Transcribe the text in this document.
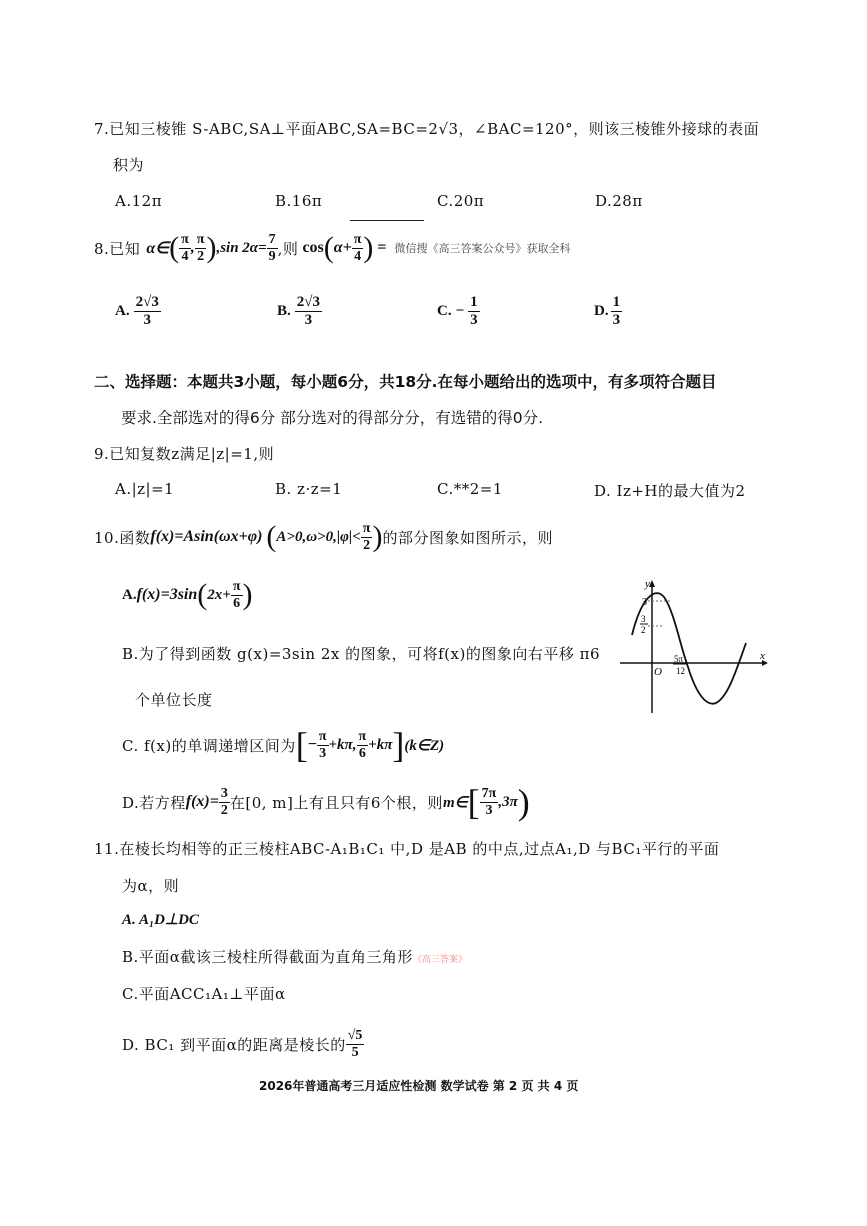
7.已知三棱锥 S-ABC,SA⊥平面ABC,SA=BC=2√3，∠BAC=120°，则该三棱锥外接球的表面
积为
A.12π	B.16π	C.20π	D.28π
8.已知 α∈ ( $\frac{\pi}{4}$ , $\frac{\pi}{2}$ ) ,sin $2\alpha= \frac{7}{9}$ ,则 cos ( $\alpha+ \frac{\pi}{4}$ ) = 微信搜《高三答案公众号》获取全科
A. $\frac{2√3}{3}$	B. $\frac{2√3}{3}$	C. − $\frac{1}{3}$	D. $\frac{1}{3}$
二、选择题：本题共3小题，每小题6分，共18分.在每小题给出的选项中，有多项符合题目
要求.全部选对的得6分 部分选对的得部分分，有选错的得0分.
9.已知复数z满足|z|=1,则
A.|z|=1	B. z·z=1	C.**2=1	D. Iz+H的最大值为2
10.函数 f(x)=Asin(ωx+φ) ( $A>0,\omega>0,|\varphi|< \frac{\pi}{2}$ ) 的部分图象如图所示，则
A. f(x)=3sin ( $2x+ \frac{\pi}{6}$ )
B.为了得到函数 g(x)=3sin 2x 的图象，可将f(x)的图象向右平移 π6
个单位长度
C. f(x)的单调递增区间为 [ − $\frac{\pi}{3} +k\pi$, $\frac{\pi}{6} +k\pi$ ] (k∈Z)
D.若方程 $f(x)= \frac{3}{2}$ 在[0, m]上有且只有6个根，则 m∈ [ $\frac{7\pi}{3} ,3\pi$ )
y
x
3
3
2
O
5π
12
11.在棱长均相等的正三棱柱ABC-A₁B₁C₁ 中,D 是AB 的中点,过点A₁,D 与BC₁平行的平面
为α，则
A. A₁D⊥DC
B.平面α截该三棱柱所得截面为直角三角形 《高三答案》
C.平面ACC₁A₁⊥平面α
D. BC₁ 到平面α的距离是棱长的 $\frac{√5}{5}$
2026年普通高考三月适应性检测 数学试卷 第 2 页 共 4 页
